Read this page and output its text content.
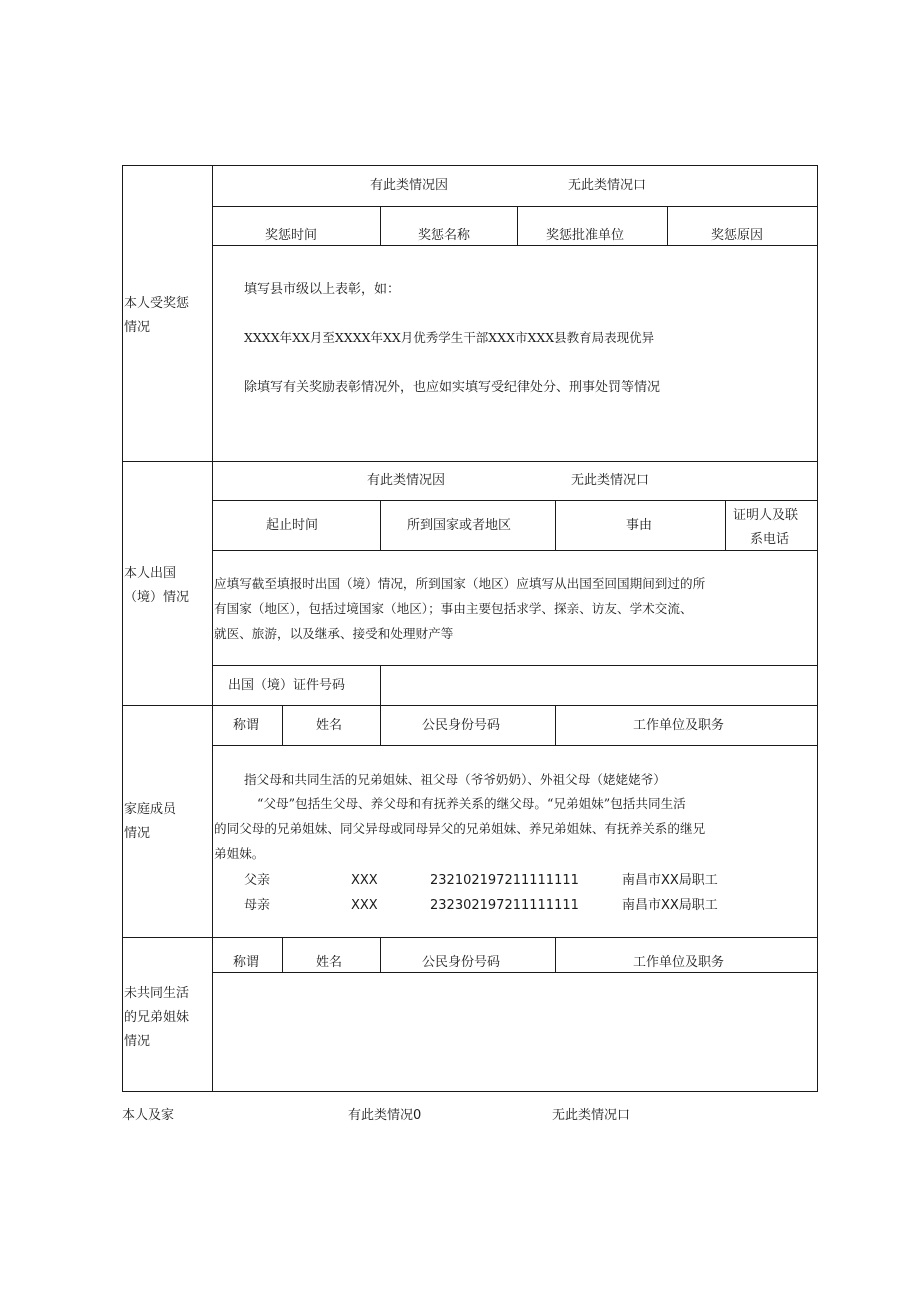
本人受奖惩
情况
有此类情况因	无此类情况口
奖惩时间	奖惩名称	奖惩批准单位	奖惩原因
填写县市级以上表彰，如：
XXXX年XX月至XXXX年XX月优秀学生干部XXX市XXX县教育局表现优异
除填写有关奖励表彰情况外，也应如实填写受纪律处分、刑事处罚等情况
本人出国
（境）情况
有此类情况因	无此类情况口
起止时间	所到国家或者地区	事由
证明人及联
系电话
应填写截至填报时出国（境）情况，所到国家（地区）应填写从出国至回国期间到过的所
有国家（地区），包括过境国家（地区）；事由主要包括求学、探亲、访友、学术交流、
就医、旅游，以及继承、接受和处理财产等
出国（境）证件号码
家庭成员
情况
称谓	姓名	公民身份号码	工作单位及职务
指父母和共同生活的兄弟姐妹、祖父母（爷爷奶奶）、外祖父母（姥姥姥爷）
“父母”包括生父母、养父母和有抚养关系的继父母。“兄弟姐妹”包括共同生活
的同父母的兄弟姐妹、同父异母或同母异父的兄弟姐妹、养兄弟姐妹、有抚养关系的继兄
弟姐妹。
父亲	XXX	232102197211111111	南昌市XX局职工
母亲	XXX	232302197211111111	南昌市XX局职工
未共同生活
的兄弟姐妹
情况
称谓	姓名	公民身份号码	工作单位及职务
本人及家	有此类情况0	无此类情况口
